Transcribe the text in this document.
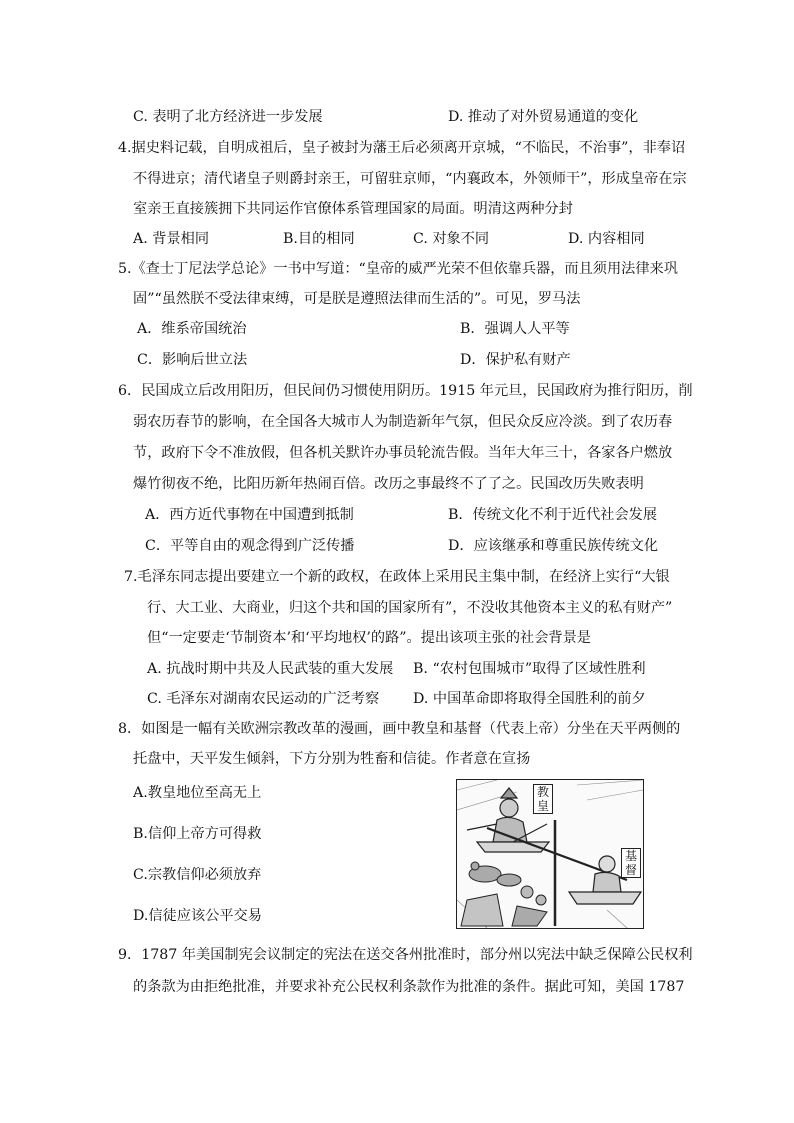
C. 表明了北方经济进一步发展	D. 推动了对外贸易通道的变化
4.据史料记载，自明成祖后，皇子被封为藩王后必须离开京城，“不临民，不治事”，非奉诏
不得进京；清代诸皇子则爵封亲王，可留驻京师，“内襄政本，外领师干”，形成皇帝在宗
室亲王直接簇拥下共同运作官僚体系管理国家的局面。明清这两种分封
A. 背景相同	B.目的相同	C. 对象不同	D. 内容相同
5.《查士丁尼法学总论》一书中写道：“皇帝的威严光荣不但依靠兵器，而且须用法律来巩
固”“虽然朕不受法律束缚，可是朕是遵照法律而生活的”。可见，罗马法
A．维系帝国统治	B．强调人人平等
C．影响后世立法	D．保护私有财产
6．民国成立后改用阳历，但民间仍习惯使用阴历。1915 年元旦，民国政府为推行阳历，削
弱农历春节的影响，在全国各大城市人为制造新年气氛，但民众反应冷淡。到了农历春
节，政府下令不准放假，但各机关默许办事员轮流告假。当年大年三十，各家各户燃放
爆竹彻夜不绝，比阳历新年热闹百倍。改历之事最终不了了之。民国改历失败表明
A．西方近代事物在中国遭到抵制	B．传统文化不利于近代社会发展
C．平等自由的观念得到广泛传播	D．应该继承和尊重民族传统文化
7.毛泽东同志提出要建立一个新的政权，在政体上采用民主集中制，在经济上实行“大银
行、大工业、大商业，归这个共和国的国家所有”，不没收其他资本主义的私有财产”
但“一定要走‘节制资本’和‘平均地权’的路”。提出该项主张的社会背景是
A. 抗战时期中共及人民武装的重大发展 B. “农村包围城市”取得了区域性胜利
C. 毛泽东对湖南农民运动的广泛考察 D. 中国革命即将取得全国胜利的前夕
8．如图是一幅有关欧洲宗教改革的漫画，画中教皇和基督（代表上帝）分坐在天平两侧的
托盘中，天平发生倾斜，下方分别为牲畜和信徒。作者意在宣扬
A.教皇地位至高无上
B.信仰上帝方可得救
C.宗教信仰必须放弃
D.信徒应该公平交易
教皇
基督
9．1787 年美国制宪会议制定的宪法在送交各州批准时，部分州以宪法中缺乏保障公民权利
的条款为由拒绝批准，并要求补充公民权利条款作为批准的条件。据此可知，美国 1787
